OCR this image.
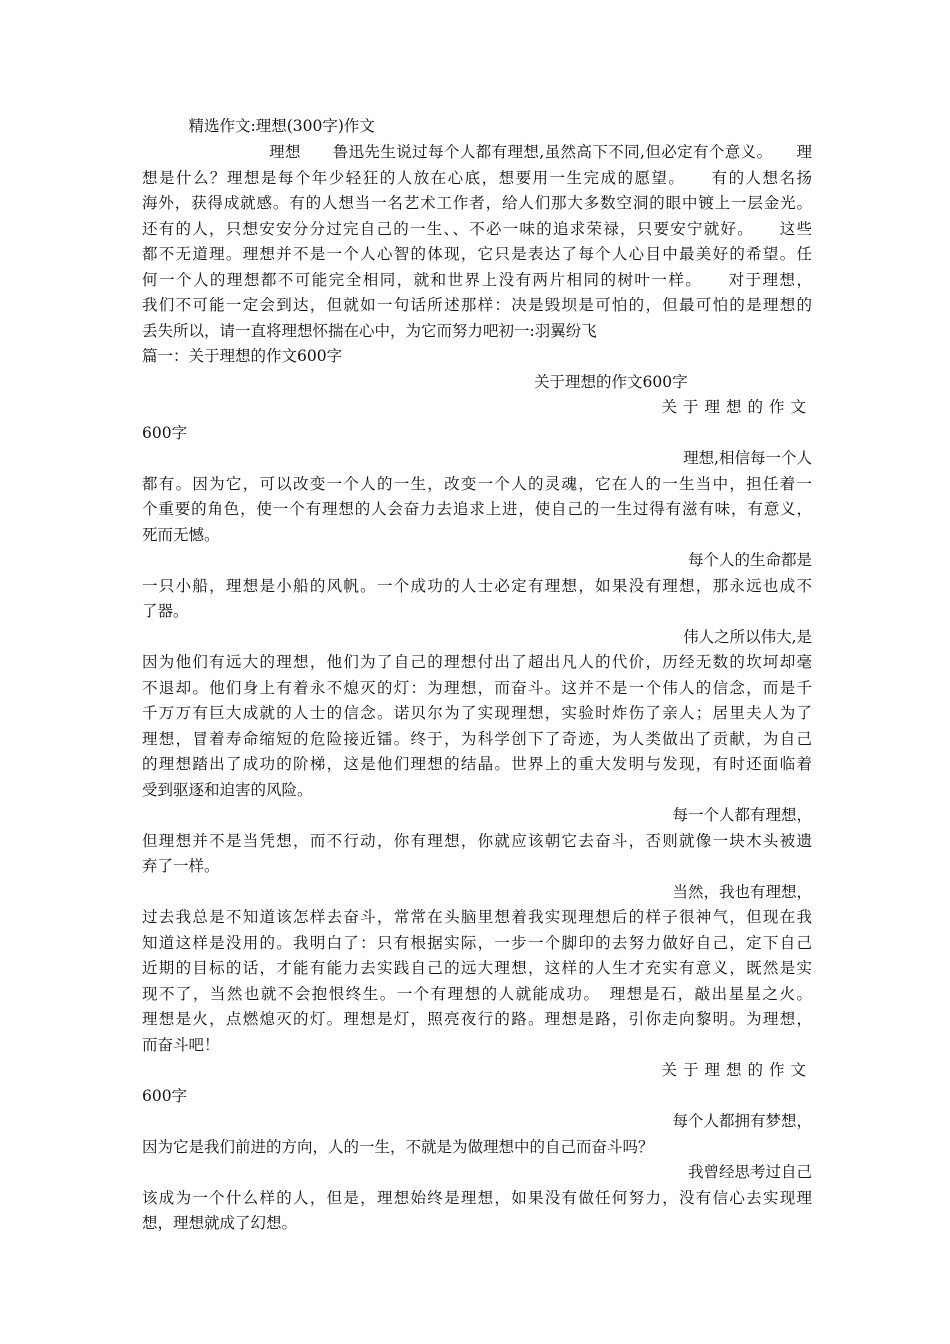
　　　精选作文:理想(300字)作文
　　　　　　　　理想　　鲁迅先生说过每个人都有理想,虽然高下不同,但必定有个意义。　　理
想是什么？理想是每个年少轻狂的人放在心底，想要用一生完成的愿望。　　有的人想名扬
海外，获得成就感。有的人想当一名艺术工作者，给人们那大多数空洞的眼中镀上一层金光。
还有的人，只想安安分分过完自己的一生、、不必一味的追求荣禄，只要安宁就好。　　这些
都不无道理。理想并不是一个人心智的体现，它只是表达了每个人心目中最美好的希望。任
何一个人的理想都不可能完全相同，就和世界上没有两片相同的树叶一样。　　对于理想，
我们不可能一定会到达，但就如一句话所述那样：决是毁坝是可怕的，但最可怕的是理想的
丢失所以，请一直将理想怀揣在心中，为它而努力吧初一:羽翼纷飞
篇一：关于理想的作文600字
关于理想的作文600字
关于理想的作文
600字
理想,相信每一个人
都有。因为它，可以改变一个人的一生，改变一个人的灵魂，它在人的一生当中，担任着一
个重要的角色，使一个有理想的人会奋力去追求上进，使自己的一生过得有滋有味，有意义，
死而无憾。
每个人的生命都是
一只小船，理想是小船的风帆。一个成功的人士必定有理想，如果没有理想，那永远也成不
了器。
伟人之所以伟大,是
因为他们有远大的理想，他们为了自己的理想付出了超出凡人的代价，历经无数的坎坷却毫
不退却。他们身上有着永不熄灭的灯：为理想，而奋斗。这并不是一个伟人的信念，而是千
千万万有巨大成就的人士的信念。诺贝尔为了实现理想，实验时炸伤了亲人；居里夫人为了
理想，冒着寿命缩短的危险接近镭。终于，为科学创下了奇迹，为人类做出了贡献，为自己
的理想踏出了成功的阶梯，这是他们理想的结晶。世界上的重大发明与发现，有时还面临着
受到驱逐和迫害的风险。
每一个人都有理想，
但理想并不是当凭想，而不行动，你有理想，你就应该朝它去奋斗，否则就像一块木头被遗
弃了一样。
当然，我也有理想，
过去我总是不知道该怎样去奋斗，常常在头脑里想着我实现理想后的样子很神气，但现在我
知道这样是没用的。我明白了：只有根据实际，一步一个脚印的去努力做好自己，定下自己
近期的目标的话，才能有能力去实践自己的远大理想，这样的人生才充实有意义，既然是实
现不了，当然也就不会抱恨终生。一个有理想的人就能成功。　理想是石，敲出星星之火。
理想是火，点燃熄灭的灯。理想是灯，照亮夜行的路。理想是路，引你走向黎明。为理想，
而奋斗吧！
关于理想的作文
600字
每个人都拥有梦想，
因为它是我们前进的方向，人的一生，不就是为做理想中的自己而奋斗吗？
我曾经思考过自己
该成为一个什么样的人，但是，理想始终是理想，如果没有做任何努力，没有信心去实现理
想，理想就成了幻想。
